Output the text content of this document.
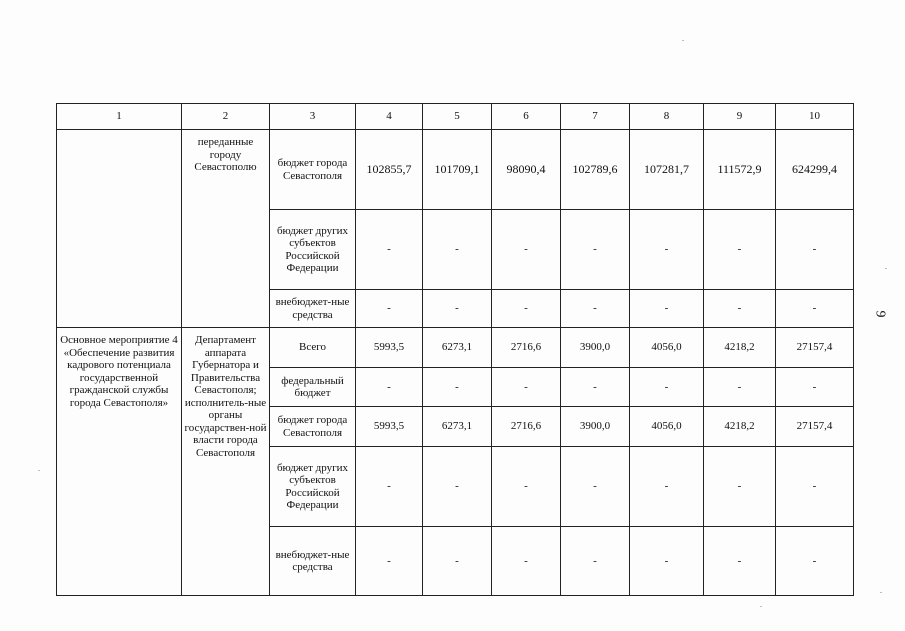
1	2	3	4	5	6	7	8	9	10
	переданные городу Севастополю	бюджет города Севастополя	102855,7	101709,1	98090,4	102789,6	107281,7	111572,9	624299,4
		бюджет других субъектов Российской Федерации	-	-	-	-	-	-	-
		внебюджет-ные средства	-	-	-	-	-	-	-
Основное мероприятие 4 «Обеспечение развития кадрового потенциала государственной гражданской службы города Севастополя»	Департамент аппарата Губернатора и Правительства Севастополя; исполнитель-ные органы государствен-ной власти города Севастополя	Всего	5993,5	6273,1	2716,6	3900,0	4056,0	4218,2	27157,4
		федеральный бюджет	-	-	-	-	-	-	-
		бюджет города Севастополя	5993,5	6273,1	2716,6	3900,0	4056,0	4218,2	27157,4
		бюджет других субъектов Российской Федерации	-	-	-	-	-	-	-
		внебюджет-ные средства	-	-	-	-	-	-	-
9
